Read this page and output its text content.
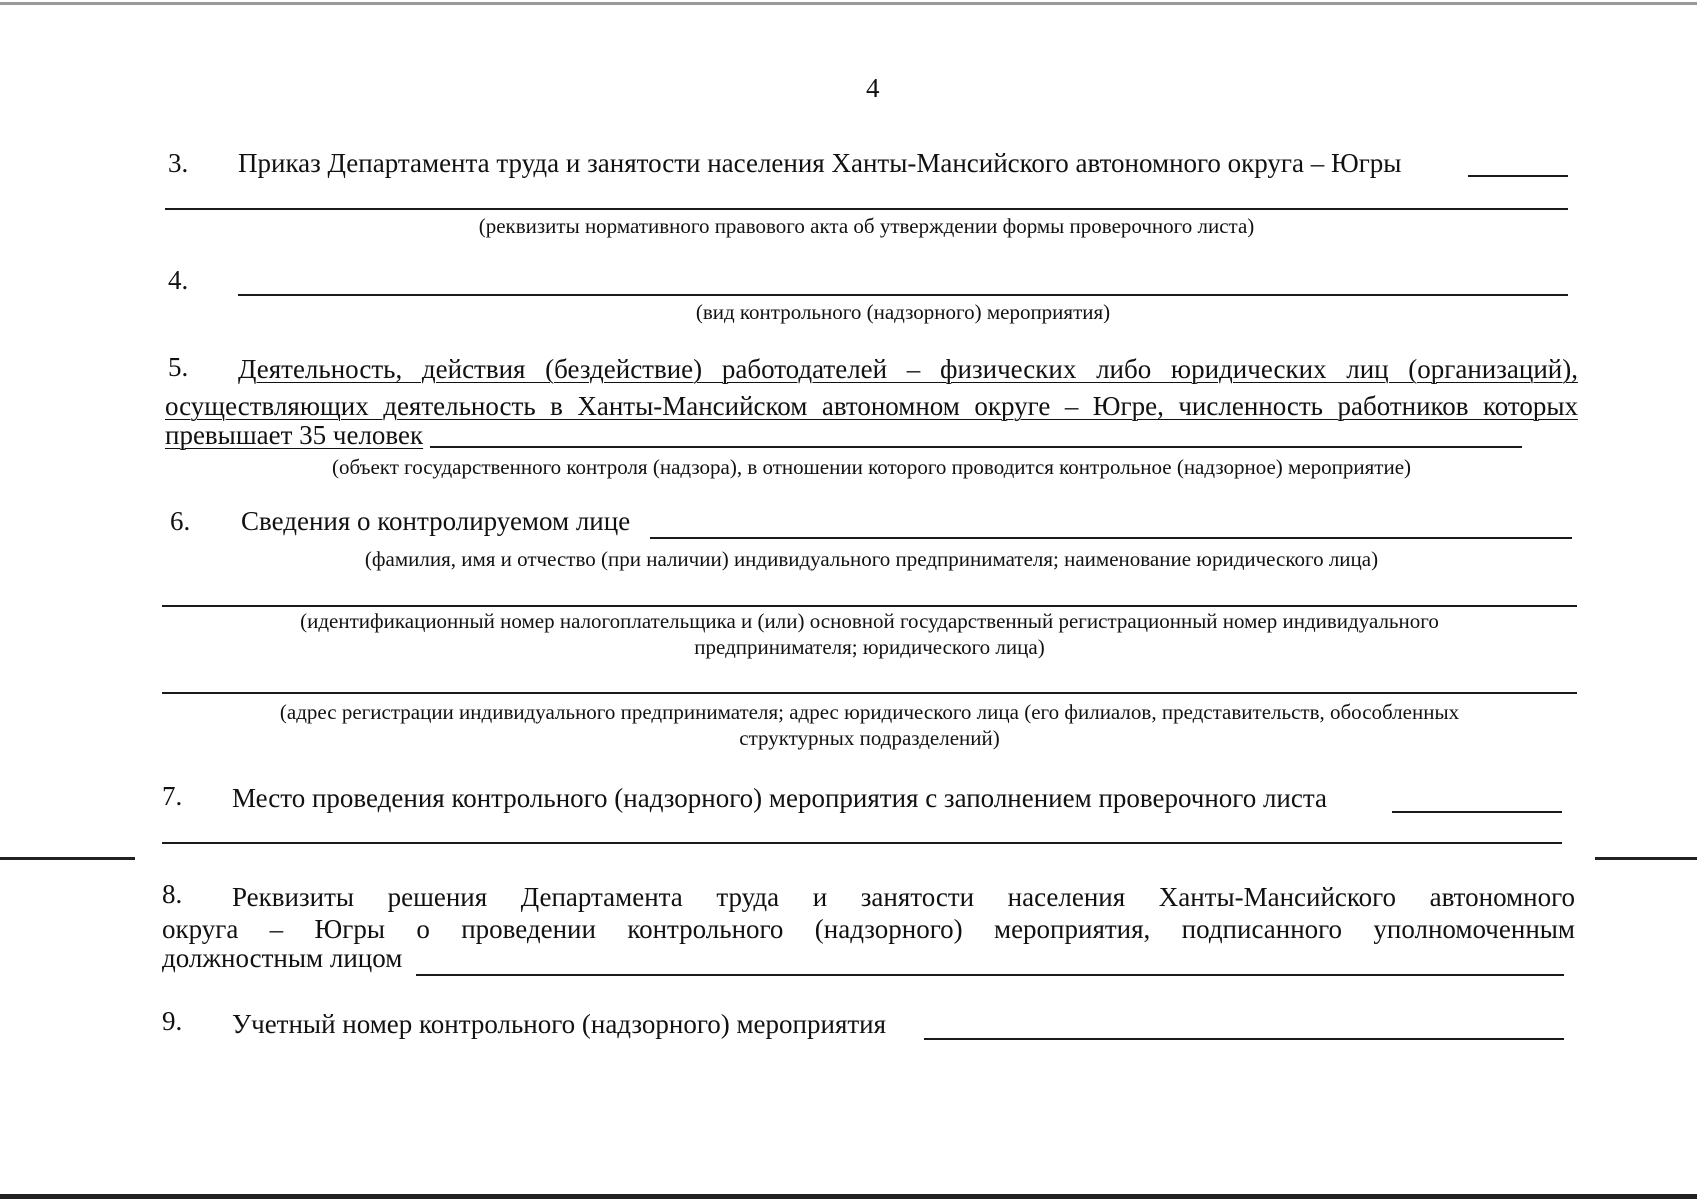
4
3. Приказ Департамента труда и занятости населения Ханты-Мансийского автономного округа – Югры
(реквизиты нормативного правового акта об утверждении формы проверочного листа)
4.
(вид контрольного (надзорного) мероприятия)
5. Деятельность, действия (бездействие) работодателей – физических либо юридических лиц (организаций),
осуществляющих деятельность в Ханты-Мансийском автономном округе – Югре, численность работников которых
превышает 35 человек
(объект государственного контроля (надзора), в отношении которого проводится контрольное (надзорное) мероприятие)
6. Сведения о контролируемом лице
(фамилия, имя и отчество (при наличии) индивидуального предпринимателя; наименование юридического лица)
(идентификационный номер налогоплательщика и (или) основной государственный регистрационный номер индивидуального
предпринимателя; юридического лица)
(адрес регистрации индивидуального предпринимателя; адрес юридического лица (его филиалов, представительств, обособленных
структурных подразделений)
7. Место проведения контрольного (надзорного) мероприятия с заполнением проверочного листа
8. Реквизиты решения Департамента труда и занятости населения Ханты-Мансийского автономного
округа – Югры о проведении контрольного (надзорного) мероприятия, подписанного уполномоченным
должностным лицом
9. Учетный номер контрольного (надзорного) мероприятия
